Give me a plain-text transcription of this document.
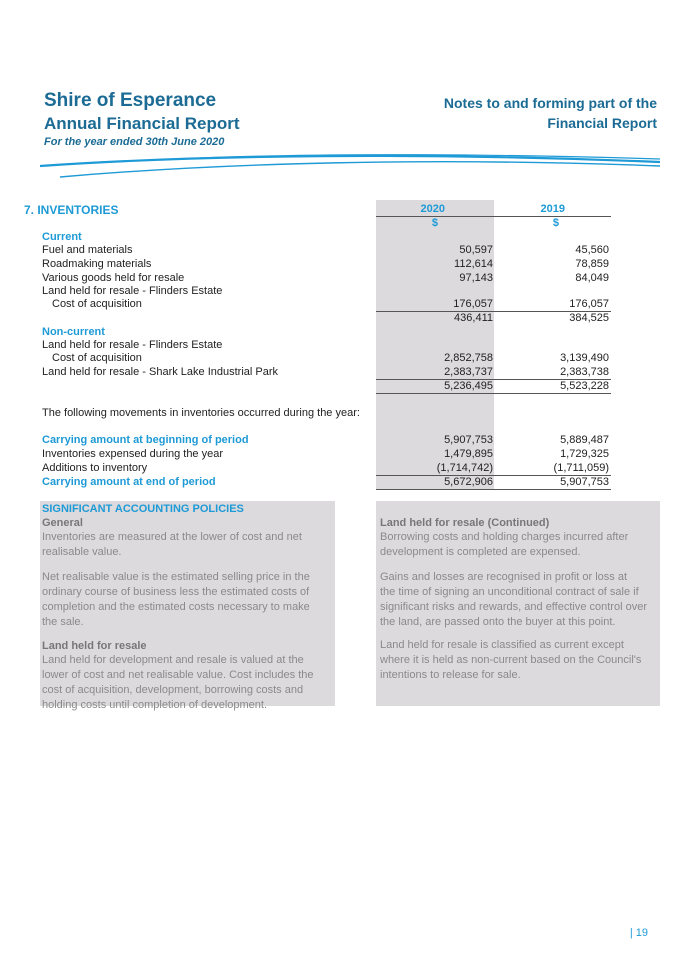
Shire of Esperance
Annual Financial Report
For the year ended 30th June 2020
Notes to and forming part of the
Financial Report
7. INVENTORIES	2020	2019
$	$
Current
Fuel and materials	50,597	45,560
Roadmaking materials	112,614	78,859
Various goods held for resale	97,143	84,049
Land held for resale - Flinders Estate
Cost of acquisition	176,057	176,057
436,411	384,525
Non-current
Land held for resale - Flinders Estate
Cost of acquisition	2,852,758	3,139,490
Land held for resale - Shark Lake Industrial Park	2,383,737	2,383,738
5,236,495	5,523,228
The following movements in inventories occurred during the year:
Carrying amount at beginning of period	5,907,753	5,889,487
Inventories expensed during the year	1,479,895	1,729,325
Additions to inventory	(1,714,742)	(1,711,059)
Carrying amount at end of period	5,672,906	5,907,753
SIGNIFICANT ACCOUNTING POLICIES
General
Inventories are measured at the lower of cost and net
realisable value.
Net realisable value is the estimated selling price in the
ordinary course of business less the estimated costs of
completion and the estimated costs necessary to make
the sale.
Land held for resale
Land held for development and resale is valued at the
lower of cost and net realisable value. Cost includes the
cost of acquisition, development, borrowing costs and
holding costs until completion of development.
Land held for resale (Continued)
Borrowing costs and holding charges incurred after
development is completed are expensed.
Gains and losses are recognised in profit or loss at
the time of signing an unconditional contract of sale if
significant risks and rewards, and effective control over
the land, are passed onto the buyer at this point.
Land held for resale is classified as current except
where it is held as non-current based on the Council's
intentions to release for sale.
| 19
